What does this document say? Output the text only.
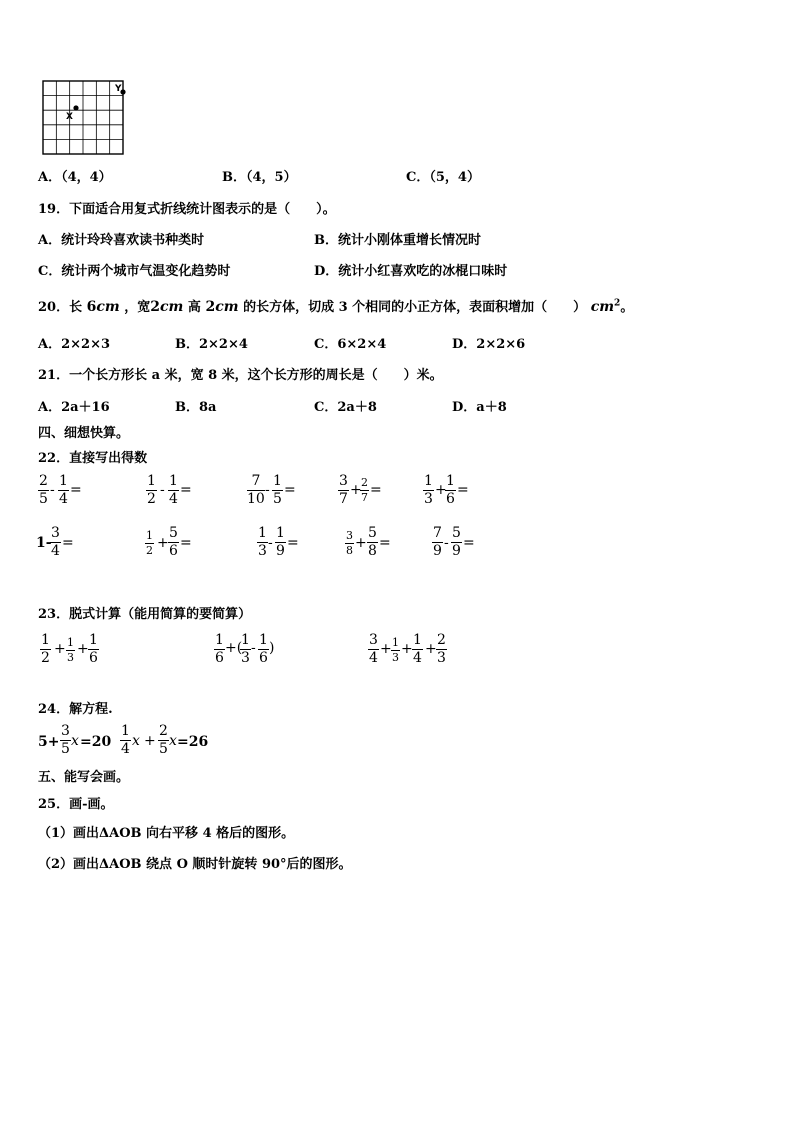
Y
X
A．（4，4）	B．（4，5）	C．（5，4）
19．下面适合用复式折线统计图表示的是（　　）。
A．统计玲玲喜欢读书种类时	B．统计小刚体重增长情况时
C．统计两个城市气温变化趋势时	D．统计小红喜欢吃的冰棍口味时
20．长 6cm ，宽2cm 高 2cm 的长方体，切成 3 个相同的小正方体，表面积增加（　　） $cm^2$。
A．2×2×3	B．2×2×4	C．6×2×4	D．2×2×6
21．一个长方形长 a 米，宽 8 米，这个长方形的周长是（　　）米。
A．2a＋16	B．8a	C．2a＋8	D．a＋8
四、细想快算。
22．直接写出得数
2
5
-
1
4
=
1
2
-
1
4
=
7
10
-
1
5
=
3
7
+ 2
7 =
1
3
+
1
6
=
1-
3
4 =	1
2 +
5
6 =
1
3 -
1
9 =	3
8 +
5
8 =
7
9 -
5
9 =
23．脱式计算（能用简算的要简算）
1
2
+ 1
3
+
1
6
1
6
+(
1
3
- 1
6
)	3
4
+ 1
3
+
1
4
+
2
3
24．解方程.
5+
3
5 x =20
1
4 x +
2
5 x =26
五、能写会画。
25．画-画。
（1）画出ΔAOB 向右平移 4 格后的图形。
（2）画出ΔAOB 绕点 O 顺时针旋转 90°后的图形。
